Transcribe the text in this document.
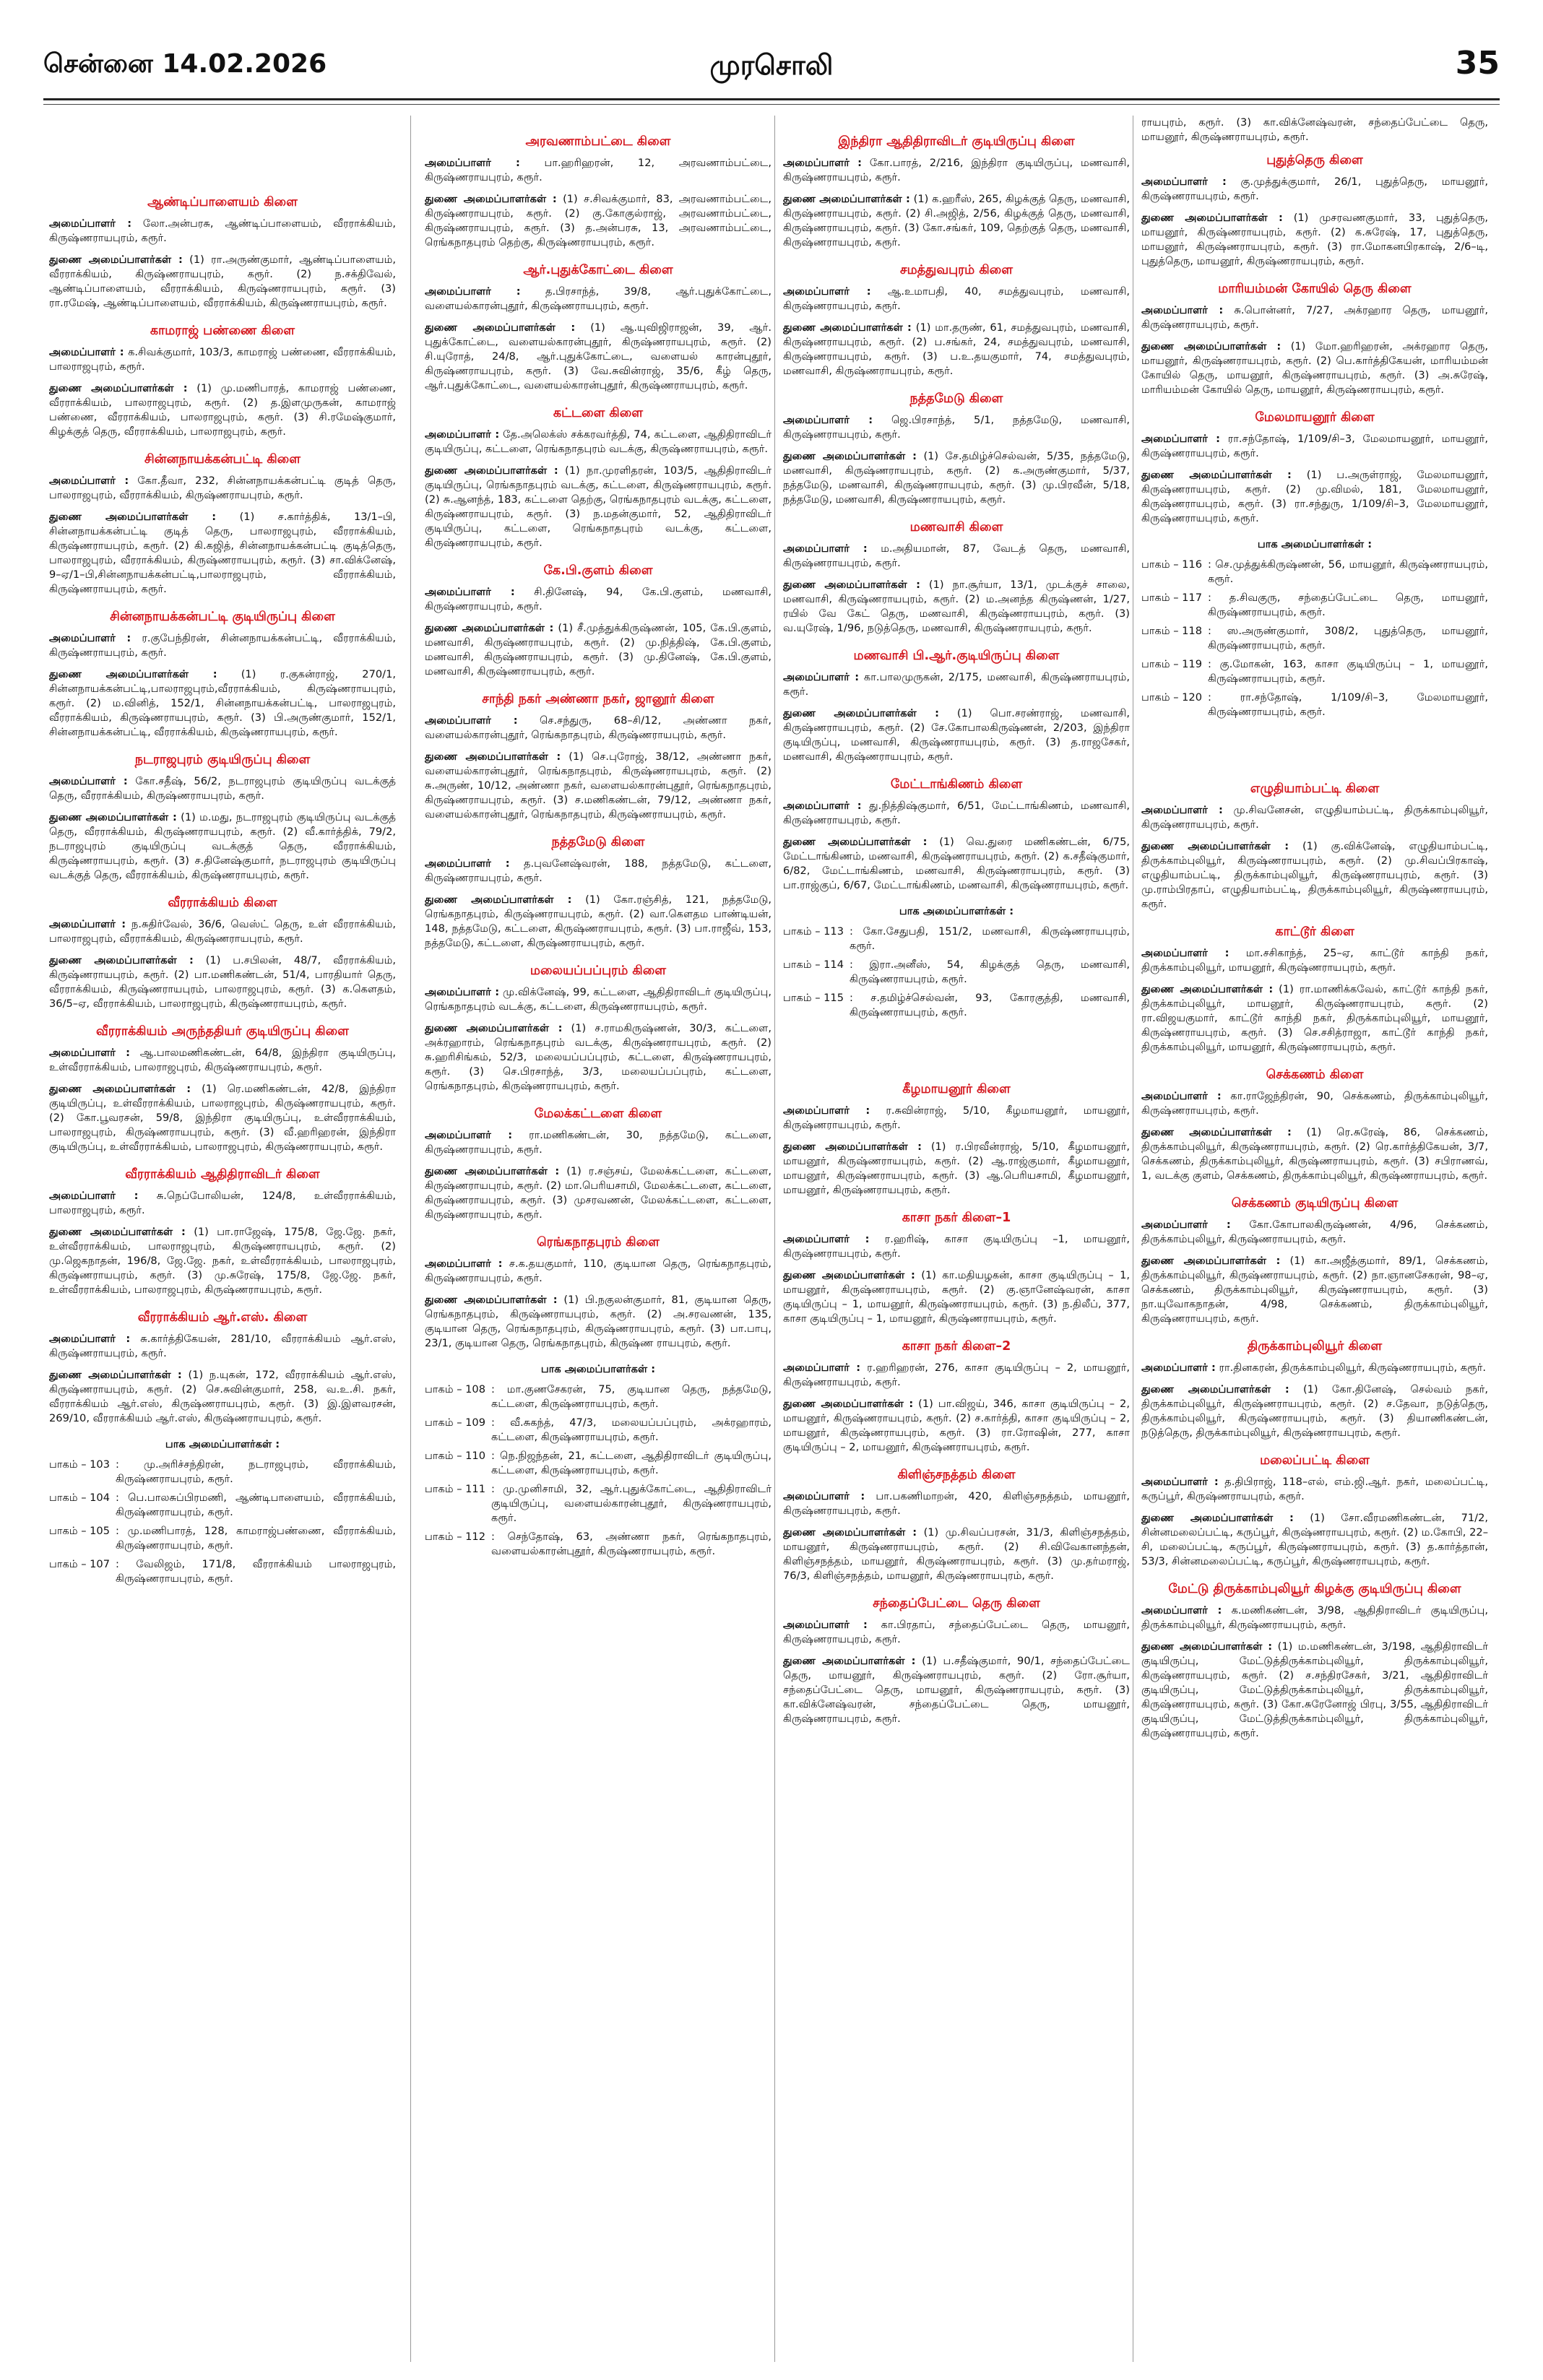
சென்னை 14.02.2026	முரசொலி	35
ஆண்டிப்பாளையம் கிளை
அமைப்பாளர் : லோ.அன்பரசு, ஆண்டிப்பாளையம், வீரராக்கியம், கிருஷ்ணராயபுரம், கரூர்.
துணை அமைப்பாளர்கள் : (1) ரா.அருண்குமார், ஆண்டிப்பாளையம், வீரராக்கியம், கிருஷ்ணராயபுரம், கரூர். (2) ந.சக்திவேல், ஆண்டிப்பாளையம், வீரராக்கியம், கிருஷ்ணராயபுரம், கரூர். (3) ரா.ரமேஷ், ஆண்டிப்பாளையம், வீரராக்கியம், கிருஷ்ணராயபுரம், கரூர்.
காமராஜ் பண்ணை கிளை
அமைப்பாளர் : க.சிவக்குமார், 103/3, காமராஜ் பண்ணை, வீரராக்கியம், பாலராஜபுரம், கரூர்.
துணை அமைப்பாளர்கள் : (1) மு.மணிபாரத், காமராஜ் பண்ணை, வீரராக்கியம், பாலராஜபுரம், கரூர். (2) த.இளமுருகன், காமராஜ் பண்ணை, வீரராக்கியம், பாலராஜபுரம், கரூர். (3) சி.ரமேஷ்குமார், கிழக்குத் தெரு, வீரராக்கியம், பாலராஜபுரம், கரூர்.
சின்னநாயக்கன்பட்டி கிளை
அமைப்பாளர் : கோ.தீவா, 232, சின்னநாயக்கன்பட்டி குடித் தெரு, பாலராஜபுரம், வீரராக்கியம், கிருஷ்ணராயபுரம், கரூர்.
துணை அமைப்பாளர்கள் : (1) ச.கார்த்திக், 13/1–பி, சின்னநாயக்கன்பட்டி குடித் தெரு, பாலராஜபுரம், வீரராக்கியம், கிருஷ்ணராயபுரம், கரூர். (2) கி.கஜித், சின்னநாயக்கன்பட்டி குடித்தெரு, பாலராஜபுரம், வீரராக்கியம், கிருஷ்ணராயபுரம், கரூர். (3) சா.விக்னேஷ், 9–ஏ/1–பி,சின்னநாயக்கன்பட்டி,பாலராஜபுரம், வீரராக்கியம், கிருஷ்ணராயபுரம், கரூர்.
சின்னநாயக்கன்பட்டி குடியிருப்பு கிளை
அமைப்பாளர் : ர.குபேந்திரன், சின்னநாயக்கன்பட்டி, வீரராக்கியம், கிருஷ்ணராயபுரம், கரூர்.
துணை அமைப்பாளர்கள் : (1) ர.குகன்ராஜ், 270/1, சின்னநாயக்கன்பட்டி,பாலராஜபுரம்,வீரராக்கியம், கிருஷ்ணராயபுரம், கரூர். (2) ம.வினித், 152/1, சின்னநாயக்கன்பட்டி, பாலராஜபுரம், வீரராக்கியம், கிருஷ்ணராயபுரம், கரூர். (3) பி.அருண்குமார், 152/1, சின்னநாயக்கன்பட்டி, வீரராக்கியம், கிருஷ்ணராயபுரம், கரூர்.
நடராஜபுரம் குடியிருப்பு கிளை
அமைப்பாளர் : கோ.சதீஷ், 56/2, நடராஜபுரம் குடியிருப்பு வடக்குத் தெரு, வீரராக்கியம், கிருஷ்ணராயபுரம், கரூர்.
துணை அமைப்பாளர்கள் : (1) ம.மது, நடராஜபுரம் குடியிருப்பு வடக்குத் தெரு, வீரராக்கியம், கிருஷ்ணராயபுரம், கரூர். (2) வீ.கார்த்திக், 79/2, நடராஜபுரம் குடியிருப்பு வடக்குத் தெரு, வீரராக்கியம், கிருஷ்ணராயபுரம், கரூர். (3) ச.தினேஷ்குமார், நடராஜபுரம் குடியிருப்பு வடக்குத் தெரு, வீரராக்கியம், கிருஷ்ணராயபுரம், கரூர்.
வீரராக்கியம் கிளை
அமைப்பாளர் : ந.சுதிர்வேல், 36/6, வெஸ்ட் தெரு, உள் வீரராக்கியம், பாலராஜபுரம், வீரராக்கியம், கிருஷ்ணராயபுரம், கரூர்.
துணை அமைப்பாளர்கள் : (1) ப.சபிலன், 48/7, வீரராக்கியம், கிருஷ்ணராயபுரம், கரூர். (2) பா.மணிகண்டன், 51/4, பாரதியார் தெரு, வீரராக்கியம், கிருஷ்ணராயபுரம், பாலராஜபுரம், கரூர். (3) க.கௌதம், 36/5–ஏ, வீரராக்கியம், பாலராஜபுரம், கிருஷ்ணராயபுரம், கரூர்.
வீரராக்கியம் அருந்ததியர் குடியிருப்பு கிளை
அமைப்பாளர் : ஆ.பாலமணிகண்டன், 64/8, இந்திரா குடியிருப்பு, உள்வீரராக்கியம், பாலராஜபுரம், கிருஷ்ணராயபுரம், கரூர்.
துணை அமைப்பாளர்கள் : (1) ரெ.மணிகண்டன், 42/8, இந்திரா குடியிருப்பு, உள்வீரராக்கியம், பாலராஜபுரம், கிருஷ்ணராயபுரம், கரூர். (2) கோ.பூவரசன், 59/8, இந்திரா குடியிருப்பு, உள்வீரராக்கியம், பாலராஜபுரம், கிருஷ்ணராயபுரம், கரூர். (3) வீ.ஹரிஹரன், இந்திரா குடியிருப்பு, உள்வீரராக்கியம், பாலராஜபுரம், கிருஷ்ணராயபுரம், கரூர்.
வீரராக்கியம் ஆதிதிராவிடர் கிளை
அமைப்பாளர் : சு.நெப்போலியன், 124/8, உள்வீரராக்கியம், பாலராஜபுரம், கரூர்.
துணை அமைப்பாளர்கள் : (1) பா.ராஜேஷ், 175/8, ஜே.ஜே. நகர், உள்வீரராக்கியம், பாலராஜபுரம், கிருஷ்ணராயபுரம், கரூர். (2) மு.ஜெகநாதன், 196/8, ஜே.ஜே. நகர், உள்வீரராக்கியம், பாலராஜபுரம், கிருஷ்ணராயபுரம், கரூர். (3) மு.சுரேஷ், 175/8, ஜே.ஜே. நகர், உள்வீரராக்கியம், பாலராஜபுரம், கிருஷ்ணராயபுரம், கரூர்.
வீரராக்கியம் ஆர்.எஸ். கிளை
அமைப்பாளர் : சு.கார்த்திகேயன், 281/10, வீரராக்கியம் ஆர்.எஸ், கிருஷ்ணராயபுரம், கரூர்.
துணை அமைப்பாளர்கள் : (1) ந.யுகன், 172, வீரராக்கியம் ஆர்.எஸ், கிருஷ்ணராயபுரம், கரூர். (2) செ.சுவின்குமார், 258, வ.உ.சி. நகர், வீரராக்கியம் ஆர்.எஸ், கிருஷ்ணராயபுரம், கரூர். (3) இ.இளவரசன், 269/10, வீரராக்கியம் ஆர்.எஸ், கிருஷ்ணராயபுரம், கரூர்.
பாக அமைப்பாளர்கள் :
பாகம் – 103 : மு.அரிச்சந்திரன், நடராஜபுரம், வீரராக்கியம், கிருஷ்ணராயபுரம், கரூர்.
பாகம் – 104 : பெ.பாலசுப்பிரமணி, ஆண்டிபாளையம், வீரராக்கியம், கிருஷ்ணராயபுரம், கரூர்.
பாகம் – 105 : மு.மணிபாரத், 128, காமராஜ்பண்ணை, வீரராக்கியம், கிருஷ்ணராயபுரம், கரூர்.
பாகம் – 107 : வேலிஜம், 171/8, வீரராக்கியம் பாலராஜபுரம், கிருஷ்ணராயபுரம், கரூர்.
அரவணாம்பட்டை கிளை
அமைப்பாளர் : பா.ஹரிஹரன், 12, அரவணாம்பட்டை, கிருஷ்ணராயபுரம், கரூர்.
துணை அமைப்பாளர்கள் : (1) ச.சிவக்குமார், 83, அரவணாம்பட்டை, கிருஷ்ணராயபுரம், கரூர். (2) கு.கோகுல்ராஜ், அரவணாம்பட்டை, கிருஷ்ணராயபுரம், கரூர். (3) த.அன்பரசு, 13, அரவணாம்பட்டை, ரெங்கநாதபுரம் தெற்கு, கிருஷ்ணராயபுரம், கரூர்.
ஆர்.புதுக்கோட்டை கிளை
அமைப்பாளர் : த.பிரசாந்த், 39/8, ஆர்.புதுக்கோட்டை, வளையல்காரன்புதூர், கிருஷ்ணராயபுரம், கரூர்.
துணை அமைப்பாளர்கள் : (1) ஆ.யுவிஜிராஜன், 39, ஆர். புதுக்கோட்டை, வளையல்காரன்புதூர், கிருஷ்ணராயபுரம், கரூர். (2) சி.யுரோத், 24/8, ஆர்.புதுக்கோட்டை, வளையல் காரன்புதூர், கிருஷ்ணராயபுரம், கரூர். (3) வே.சுவின்ராஜ், 35/6, கீழ் தெரு, ஆர்.புதுக்கோட்டை, வளையல்காரன்புதூர், கிருஷ்ணராயபுரம், கரூர்.
கட்டளை கிளை
அமைப்பாளர் : தே.அலெக்ஸ் சக்கரவர்த்தி, 74, கட்டளை, ஆதிதிராவிடர் குடியிருப்பு, கட்டளை, ரெங்கநாதபுரம் வடக்கு, கிருஷ்ணராயபுரம், கரூர்.
துணை அமைப்பாளர்கள் : (1) நா.முரளிதரன், 103/5, ஆதிதிராவிடர் குடியிருப்பு, ரெங்கநாதபுரம் வடக்கு, கட்டளை, கிருஷ்ணராயபுரம், கரூர். (2) சு.ஆனந்த், 183, கட்டளை தெற்கு, ரெங்கநாதபுரம் வடக்கு, கட்டளை, கிருஷ்ணராயபுரம், கரூர். (3) ந.மதன்குமார், 52, ஆதிதிராவிடர் குடியிருப்பு, கட்டளை, ரெங்கநாதபுரம் வடக்கு, கட்டளை, கிருஷ்ணராயபுரம், கரூர்.
கே.பி.குளம் கிளை
அமைப்பாளர் : சி.தினேஷ், 94, கே.பி.குளம், மணவாசி, கிருஷ்ணராயபுரம், கரூர்.
துணை அமைப்பாளர்கள் : (1) சீ.முத்துக்கிருஷ்ணன், 105, கே.பி.குளம், மணவாசி, கிருஷ்ணராயபுரம், கரூர். (2) மு.நித்திஷ், கே.பி.குளம், மணவாசி, கிருஷ்ணராயபுரம், கரூர். (3) மு.தினேஷ், கே.பி.குளம், மணவாசி, கிருஷ்ணராயபுரம், கரூர்.
சாந்தி நகர் அண்ணா நகர், ஜானூர் கிளை
அமைப்பாளர் : செ.சந்துரு, 68–சி/12, அண்ணா நகர், வளையல்காரன்புதூர், ரெங்கநாதபுரம், கிருஷ்ணராயபுரம், கரூர்.
துணை அமைப்பாளர்கள் : (1) செ.புரோஜ், 38/12, அண்ணா நகர், வளையல்காரன்புதூர், ரெங்கநாதபுரம், கிருஷ்ணராயபுரம், கரூர். (2) சு.அருண், 10/12, அண்ணா நகர், வளையல்காரன்புதூர், ரெங்கநாதபுரம், கிருஷ்ணராயபுரம், கரூர். (3) ச.மணிகண்டன், 79/12, அண்ணா நகர், வளையல்காரன்புதூர், ரெங்கநாதபுரம், கிருஷ்ணராயபுரம், கரூர்.
நத்தமேடு கிளை
அமைப்பாளர் : த.புவனேஷ்வரன், 188, நத்தமேடு, கட்டளை, கிருஷ்ணராயபுரம், கரூர்.
துணை அமைப்பாளர்கள் : (1) கோ.ரஞ்சித், 121, நத்தமேடு, ரெங்கநாதபுரம், கிருஷ்ணராயபுரம், கரூர். (2) வா.கௌதம பாண்டியன், 148, நத்தமேடு, கட்டளை, கிருஷ்ணராயபுரம், கரூர். (3) பா.ராஜீவ், 153, நத்தமேடு, கட்டளை, கிருஷ்ணராயபுரம், கரூர்.
மலையப்பப்புரம் கிளை
அமைப்பாளர் : மு.விக்னேஷ், 99, கட்டளை, ஆதிதிராவிடர் குடியிருப்பு, ரெங்கநாதபுரம் வடக்கு, கட்டளை, கிருஷ்ணராயபுரம், கரூர்.
துணை அமைப்பாளர்கள் : (1) ச.ராமகிருஷ்ணன், 30/3, கட்டளை, அக்ரஹாரம், ரெங்கநாதபுரம் வடக்கு, கிருஷ்ணராயபுரம், கரூர். (2) சு.ஹரிசிங்கம், 52/3, மலையப்பப்புரம், கட்டளை, கிருஷ்ணராயபுரம், கரூர். (3) செ.பிரசாந்த், 3/3, மலையப்பப்புரம், கட்டளை, ரெங்கநாதபுரம், கிருஷ்ணராயபுரம், கரூர்.
மேலக்கட்டளை கிளை
அமைப்பாளர் : ரா.மணிகண்டன், 30, நத்தமேடு, கட்டளை, கிருஷ்ணராயபுரம், கரூர்.
துணை அமைப்பாளர்கள் : (1) ர.சஞ்சய், மேலக்கட்டளை, கட்டளை, கிருஷ்ணராயபுரம், கரூர். (2) மா.பெரியசாமி, மேலக்கட்டளை, கட்டளை, கிருஷ்ணராயபுரம், கரூர். (3) முசரவணன், மேலக்கட்டளை, கட்டளை, கிருஷ்ணராயபுரம், கரூர்.
ரெங்கநாதபுரம் கிளை
அமைப்பாளர் : ச.க.தயகுமார், 110, குடியான தெரு, ரெங்கநாதபுரம், கிருஷ்ணராயபுரம், கரூர்.
துணை அமைப்பாளர்கள் : (1) பி.நகுலன்குமார், 81, குடியான தெரு, ரெங்கநாதபுரம், கிருஷ்ணராயபுரம், கரூர். (2) அ.சரவணன், 135, குடியான தெரு, ரெங்கநாதபுரம், கிருஷ்ணராயபுரம், கரூர். (3) பா.பாபு, 23/1, குடியான தெரு, ரெங்கநாதபுரம், கிருஷ்ண ராயபுரம், கரூர்.
பாக அமைப்பாளர்கள் :
பாகம் – 108 : மா.குணசேகரன், 75, குடியான தெரு, நத்தமேடு, கட்டளை, கிருஷ்ணராயபுரம், கரூர்.
பாகம் – 109 : வீ.சுகந்த், 47/3, மலையப்பப்புரம், அக்ரஹாரம், கட்டளை, கிருஷ்ணராயபுரம், கரூர்.
பாகம் – 110 : நெ.நிஜந்தன், 21, கட்டளை, ஆதிதிராவிடர் குடியிருப்பு, கட்டளை, கிருஷ்ணராயபுரம், கரூர்.
பாகம் – 111 : மு.முனிசாமி, 32, ஆர்.புதுக்கோட்டை, ஆதிதிராவிடர் குடியிருப்பு, வளையல்காரன்புதூர், கிருஷ்ணராயபுரம், கரூர்.
பாகம் – 112 : செந்தோஷ், 63, அண்ணா நகர், ரெங்கநாதபுரம், வளையல்காரன்புதூர், கிருஷ்ணராயபுரம், கரூர்.
இந்திரா ஆதிதிராவிடர் குடியிருப்பு கிளை
அமைப்பாளர் : கோ.பாரத், 2/216, இந்திரா குடியிருப்பு, மணவாசி, கிருஷ்ணராயபுரம், கரூர்.
துணை அமைப்பாளர்கள் : (1) க.ஹரீஸ், 265, கிழக்குத் தெரு, மணவாசி, கிருஷ்ணராயபுரம், கரூர். (2) சி.அஜித், 2/56, கிழக்குத் தெரு, மணவாசி, கிருஷ்ணராயபுரம், கரூர். (3) கோ.சங்கர், 109, தெற்குத் தெரு, மணவாசி, கிருஷ்ணராயபுரம், கரூர்.
சமத்துவபுரம் கிளை
அமைப்பாளர் : ஆ.உமாபதி, 40, சமத்துவபுரம், மணவாசி, கிருஷ்ணராயபுரம், கரூர்.
துணை அமைப்பாளர்கள் : (1) மா.தருண், 61, சமத்துவபுரம், மணவாசி, கிருஷ்ணராயபுரம், கரூர். (2) ப.சங்கர், 24, சமத்துவபுரம், மணவாசி, கிருஷ்ணராயபுரம், கரூர். (3) ப.உ.தயகுமார், 74, சமத்துவபுரம், மணவாசி, கிருஷ்ணராயபுரம், கரூர்.
நத்தமேடு கிளை
அமைப்பாளர் : ஜெ.பிரசாந்த், 5/1, நத்தமேடு, மணவாசி, கிருஷ்ணராயபுரம், கரூர்.
துணை அமைப்பாளர்கள் : (1) சே.தமிழ்ச்செல்வன், 5/35, நத்தமேடு, மணவாசி, கிருஷ்ணராயபுரம், கரூர். (2) க.அருண்குமார், 5/37, நத்தமேடு, மணவாசி, கிருஷ்ணராயபுரம், கரூர். (3) மு.பிரவீன், 5/18, நத்தமேடு, மணவாசி, கிருஷ்ணராயபுரம், கரூர்.
மணவாசி கிளை
அமைப்பாளர் : ம.அதியமான், 87, வேடத் தெரு, மணவாசி, கிருஷ்ணராயபுரம், கரூர்.
துணை அமைப்பாளர்கள் : (1) நா.சூர்யா, 13/1, முடக்குச் சாலை, மணவாசி, கிருஷ்ணராயபுரம், கரூர். (2) ம.அனந்த கிருஷ்ணன், 1/27, ரயில் வே கேட் தெரு, மணவாசி, கிருஷ்ணராயபுரம், கரூர். (3) வ.யுரேஷ், 1/96, நடுத்தெரு, மணவாசி, கிருஷ்ணராயபுரம், கரூர்.
மணவாசி பி.ஆர்.குடியிருப்பு கிளை
அமைப்பாளர் : கா.பாலமுருகன், 2/175, மணவாசி, கிருஷ்ணராயபுரம், கரூர்.
துணை அமைப்பாளர்கள் : (1) பொ.சரண்ராஜ், மணவாசி, கிருஷ்ணராயபுரம், கரூர். (2) சே.கோபாலகிருஷ்ணன், 2/203, இந்திரா குடியிருப்பு, மணவாசி, கிருஷ்ணராயபுரம், கரூர். (3) த.ராஜசேகர், மணவாசி, கிருஷ்ணராயபுரம், கரூர்.
மேட்டாங்கிணம் கிளை
அமைப்பாளர் : து.நித்திஷ்குமார், 6/51, மேட்டாங்கிணம், மணவாசி, கிருஷ்ணராயபுரம், கரூர்.
துணை அமைப்பாளர்கள் : (1) வெ.துரை மணிகண்டன், 6/75, மேட்டாங்கிணம், மணவாசி, கிருஷ்ணராயபுரம், கரூர். (2) க.சதீஷ்குமார், 6/82, மேட்டாங்கிணம், மணவாசி, கிருஷ்ணராயபுரம், கரூர். (3) பா.ராஜ்குப், 6/67, மேட்டாங்கிணம், மணவாசி, கிருஷ்ணராயபுரம், கரூர்.
பாக அமைப்பாளர்கள் :
பாகம் – 113 : கோ.சேதுபதி, 151/2, மணவாசி, கிருஷ்ணராயபுரம், கரூர்.
பாகம் – 114 : இரா.அனீஸ், 54, கிழக்குத் தெரு, மணவாசி, கிருஷ்ணராயபுரம், கரூர்.
பாகம் – 115 : ச.தமிழ்ச்செல்வன், 93, கோரகுத்தி, மணவாசி, கிருஷ்ணராயபுரம், கரூர்.
கீழமாயனூர் கிளை
அமைப்பாளர் : ர.சுவின்ராஜ், 5/10, கீழமாயனூர், மாயனூர், கிருஷ்ணராயபுரம், கரூர்.
துணை அமைப்பாளர்கள் : (1) ர.பிரவீன்ராஜ், 5/10, கீழமாயனூர், மாயனூர், கிருஷ்ணராயபுரம், கரூர். (2) ஆ.ராஜ்குமார், கீழமாயனூர், மாயனூர், கிருஷ்ணராயபுரம், கரூர். (3) ஆ.பெரியசாமி, கீழமாயனூர், மாயனூர், கிருஷ்ணராயபுரம், கரூர்.
காசா நகர் கிளை–1
அமைப்பாளர் : ர.ஹரிஷ், காசா குடியிருப்பு –1, மாயனூர், கிருஷ்ணராயபுரம், கரூர்.
துணை அமைப்பாளர்கள் : (1) கா.மதியழகன், காசா குடியிருப்பு – 1, மாயனூர், கிருஷ்ணராயபுரம், கரூர். (2) கு.ஞானேஷ்வரன், காசா குடியிருப்பு – 1, மாயனூர், கிருஷ்ணராயபுரம், கரூர். (3) ந.திலீப், 377, காசா குடியிருப்பு – 1, மாயனூர், கிருஷ்ணராயபுரம், கரூர்.
காசா நகர் கிளை–2
அமைப்பாளர் : ர.ஹரிஹரன், 276, காசா குடியிருப்பு – 2, மாயனூர், கிருஷ்ணராயபுரம், கரூர்.
துணை அமைப்பாளர்கள் : (1) பா.விஜய், 346, காசா குடியிருப்பு – 2, மாயனூர், கிருஷ்ணராயபுரம், கரூர். (2) ச.கார்த்தி, காசா குடியிருப்பு – 2, மாயனூர், கிருஷ்ணராயபுரம், கரூர். (3) ரா.ரோஷின், 277, காசா குடியிருப்பு – 2, மாயனூர், கிருஷ்ணராயபுரம், கரூர்.
கிளிஞ்சநத்தம் கிளை
அமைப்பாளர் : பா.பகணிமாறன், 420, கிளிஞ்சநத்தம், மாயனூர், கிருஷ்ணராயபுரம், கரூர்.
துணை அமைப்பாளர்கள் : (1) மு.சிவப்பரசன், 31/3, கிளிஞ்சநத்தம், மாயனூர், கிருஷ்ணராயபுரம், கரூர். (2) சி.விவேகானந்தன், கிளிஞ்சநத்தம், மாயனூர், கிருஷ்ணராயபுரம், கரூர். (3) மு.தர்மராஜ், 76/3, கிளிஞ்சநத்தம், மாயனூர், கிருஷ்ணராயபுரம், கரூர்.
சந்தைப்பேட்டை தெரு கிளை
அமைப்பாளர் : கா.பிரதாப், சந்தைப்பேட்டை தெரு, மாயனூர், கிருஷ்ணராயபுரம், கரூர்.
துணை அமைப்பாளர்கள் : (1) ப.சதீஷ்குமார், 90/1, சந்தைப்பேட்டை தெரு, மாயனூர், கிருஷ்ணராயபுரம், கரூர். (2) ரோ.சூர்யா, சந்தைப்பேட்டை தெரு, மாயனூர், கிருஷ்ணராயபுரம், கரூர். (3) கா.விக்னேஷ்வரன், சந்தைப்பேட்டை தெரு, மாயனூர், கிருஷ்ணராயபுரம், கரூர்.
ராயபுரம், கரூர். (3) கா.விக்னேஷ்வரன், சந்தைப்பேட்டை தெரு, மாயனூர், கிருஷ்ணராயபுரம், கரூர்.
புதுத்தெரு கிளை
அமைப்பாளர் : கு.முத்துக்குமார், 26/1, புதுத்தெரு, மாயனூர், கிருஷ்ணராயபுரம், கரூர்.
துணை அமைப்பாளர்கள் : (1) முசரவணகுமார், 33, புதுத்தெரு, மாயனூர், கிருஷ்ணராயபுரம், கரூர். (2) க.சுரேஷ், 17, புதுத்தெரு, மாயனூர், கிருஷ்ணராயபுரம், கரூர். (3) ரா.மோகனபிரகாஷ், 2/6–டி, புதுத்தெரு, மாயனூர், கிருஷ்ணராயபுரம், கரூர்.
மாரியம்மன் கோயில் தெரு கிளை
அமைப்பாளர் : சு.பொன்னர், 7/27, அக்ரஹார தெரு, மாயனூர், கிருஷ்ணராயபுரம், கரூர்.
துணை அமைப்பாளர்கள் : (1) மோ.ஹரிஹரன், அக்ரஹார தெரு, மாயனூர், கிருஷ்ணராயபுரம், கரூர். (2) பெ.கார்த்திகேயன், மாரியம்மன் கோயில் தெரு, மாயனூர், கிருஷ்ணராயபுரம், கரூர். (3) அ.சுரேஷ், மாரியம்மன் கோயில் தெரு, மாயனூர், கிருஷ்ணராயபுரம், கரூர்.
மேலமாயனூர் கிளை
அமைப்பாளர் : ரா.சந்தோஷ், 1/109/சி–3, மேலமாயனூர், மாயனூர், கிருஷ்ணராயபுரம், கரூர்.
துணை அமைப்பாளர்கள் : (1) ப.அருள்ராஜ், மேலமாயனூர், கிருஷ்ணராயபுரம், கரூர். (2) மு.விமல், 181, மேலமாயனூர், கிருஷ்ணராயபுரம், கரூர். (3) ரா.சந்துரு, 1/109/சி–3, மேலமாயனூர், கிருஷ்ணராயபுரம், கரூர்.
பாக அமைப்பாளர்கள் :
பாகம் – 116 : செ.முத்துக்கிருஷ்ணன், 56, மாயனூர், கிருஷ்ணராயபுரம், கரூர்.
பாகம் – 117 : த.சிவகுரு, சந்தைப்பேட்டை தெரு, மாயனூர், கிருஷ்ணராயபுரம், கரூர்.
பாகம் – 118 : ஸ.அருண்குமார், 308/2, புதுத்தெரு, மாயனூர், கிருஷ்ணராயபுரம், கரூர்.
பாகம் – 119 : கு.மோகன், 163, காசா குடியிருப்பு – 1, மாயனூர், கிருஷ்ணராயபுரம், கரூர்.
பாகம் – 120 : ரா.சந்தோஷ், 1/109/சி–3, மேலமாயனூர், கிருஷ்ணராயபுரம், கரூர்.
எழுதியாம்பட்டி கிளை
அமைப்பாளர் : மு.சிவனேசன், எழுதியாம்பட்டி, திருக்காம்புலியூர், கிருஷ்ணராயபுரம், கரூர்.
துணை அமைப்பாளர்கள் : (1) கு.விக்னேஷ், எழுதியாம்பட்டி, திருக்காம்புலியூர், கிருஷ்ணராயபுரம், கரூர். (2) மு.சிவப்பிரகாஷ், எழுதியாம்பட்டி, திருக்காம்புலியூர், கிருஷ்ணராயபுரம், கரூர். (3) மு.ராம்பிரதாப், எழுதியாம்பட்டி, திருக்காம்புலியூர், கிருஷ்ணராயபுரம், கரூர்.
காட்டூர் கிளை
அமைப்பாளர் : மா.சசிகாந்த், 25–ஏ, காட்டூர் காந்தி நகர், திருக்காம்புலியூர், மாயனூர், கிருஷ்ணராயபுரம், கரூர்.
துணை அமைப்பாளர்கள் : (1) ரா.மாணிக்கவேல், காட்டூர் காந்தி நகர், திருக்காம்புலியூர், மாயனூர், கிருஷ்ணராயபுரம், கரூர். (2) ரா.விஜயகுமார், காட்டூர் காந்தி நகர், திருக்காம்புலியூர், மாயனூர், கிருஷ்ணராயபுரம், கரூர். (3) செ.சசித்ராஜா, காட்டூர் காந்தி நகர், திருக்காம்புலியூர், மாயனூர், கிருஷ்ணராயபுரம், கரூர்.
செக்கணம் கிளை
அமைப்பாளர் : கா.ராஜேந்திரன், 90, செக்கணம், திருக்காம்புலியூர், கிருஷ்ணராயபுரம், கரூர்.
துணை அமைப்பாளர்கள் : (1) ரெ.சுரேஷ், 86, செக்கணம், திருக்காம்புலியூர், கிருஷ்ணராயபுரம், கரூர். (2) ரெ.கார்த்திகேயன், 3/7, செக்கணம், திருக்காம்புலியூர், கிருஷ்ணராயபுரம், கரூர். (3) சபிராணவ், 1, வடக்கு குளம், செக்கணம், திருக்காம்புலியூர், கிருஷ்ணராயபுரம், கரூர்.
செக்கணம் குடியிருப்பு கிளை
அமைப்பாளர் : கோ.கோபாலகிருஷ்ணன், 4/96, செக்கணம், திருக்காம்புலியூர், கிருஷ்ணராயபுரம், கரூர்.
துணை அமைப்பாளர்கள் : (1) கா.அஜீத்குமார், 89/1, செக்கணம், திருக்காம்புலியூர், கிருஷ்ணராயபுரம், கரூர். (2) நா.ஞானசேகரன், 98–ஏ, செக்கணம், திருக்காம்புலியூர், கிருஷ்ணராயபுரம், கரூர். (3) நா.யுவோகநாதன், 4/98, செக்கணம், திருக்காம்புலியூர், கிருஷ்ணராயபுரம், கரூர்.
திருக்காம்புலியூர் கிளை
அமைப்பாளர் : ரா.தினகரன், திருக்காம்புலியூர், கிருஷ்ணராயபுரம், கரூர்.
துணை அமைப்பாளர்கள் : (1) கோ.தினேஷ், செல்வம் நகர், திருக்காம்புலியூர், கிருஷ்ணராயபுரம், கரூர். (2) ச.தேவா, நடுத்தெரு, திருக்காம்புலியூர், கிருஷ்ணராயபுரம், கரூர். (3) தியாணிகண்டன், நடுத்தெரு, திருக்காம்புலியூர், கிருஷ்ணராயபுரம், கரூர்.
மலைப்பட்டி கிளை
அமைப்பாளர் : த.திபிராஜ், 118–எல், எம்.ஜி.ஆர். நகர், மலைப்பட்டி, கருப்பூர், கிருஷ்ணராயபுரம், கரூர்.
துணை அமைப்பாளர்கள் : (1) சோ.வீரமணிகண்டன், 71/2, சின்னமலைப்பட்டி, கருப்பூர், கிருஷ்ணராயபுரம், கரூர். (2) ம.கோபி, 22–சி, மலைப்பட்டி, கருப்பூர், கிருஷ்ணராயபுரம், கரூர். (3) த.கார்த்தான், 53/3, சின்னமலைப்பட்டி, கருப்பூர், கிருஷ்ணராயபுரம், கரூர்.
மேட்டு திருக்காம்புலியூர் கிழக்கு குடியிருப்பு கிளை
அமைப்பாளர் : க.மணிகண்டன், 3/98, ஆதிதிராவிடர் குடியிருப்பு, திருக்காம்புலியூர், கிருஷ்ணராயபுரம், கரூர்.
துணை அமைப்பாளர்கள் : (1) ம.மணிகண்டன், 3/198, ஆதிதிராவிடர் குடியிருப்பு, மேட்டுத்திருக்காம்புலியூர், திருக்காம்புலியூர், கிருஷ்ணராயபுரம், கரூர். (2) ச.சந்திரசேகர், 3/21, ஆதிதிராவிடர் குடியிருப்பு, மேட்டுத்திருக்காம்புலியூர், திருக்காம்புலியூர், கிருஷ்ணராயபுரம், கரூர். (3) கோ.சுரேனோஜ் பிரபு, 3/55, ஆதிதிராவிடர் குடியிருப்பு, மேட்டுத்திருக்காம்புலியூர், திருக்காம்புலியூர், கிருஷ்ணராயபுரம், கரூர்.
